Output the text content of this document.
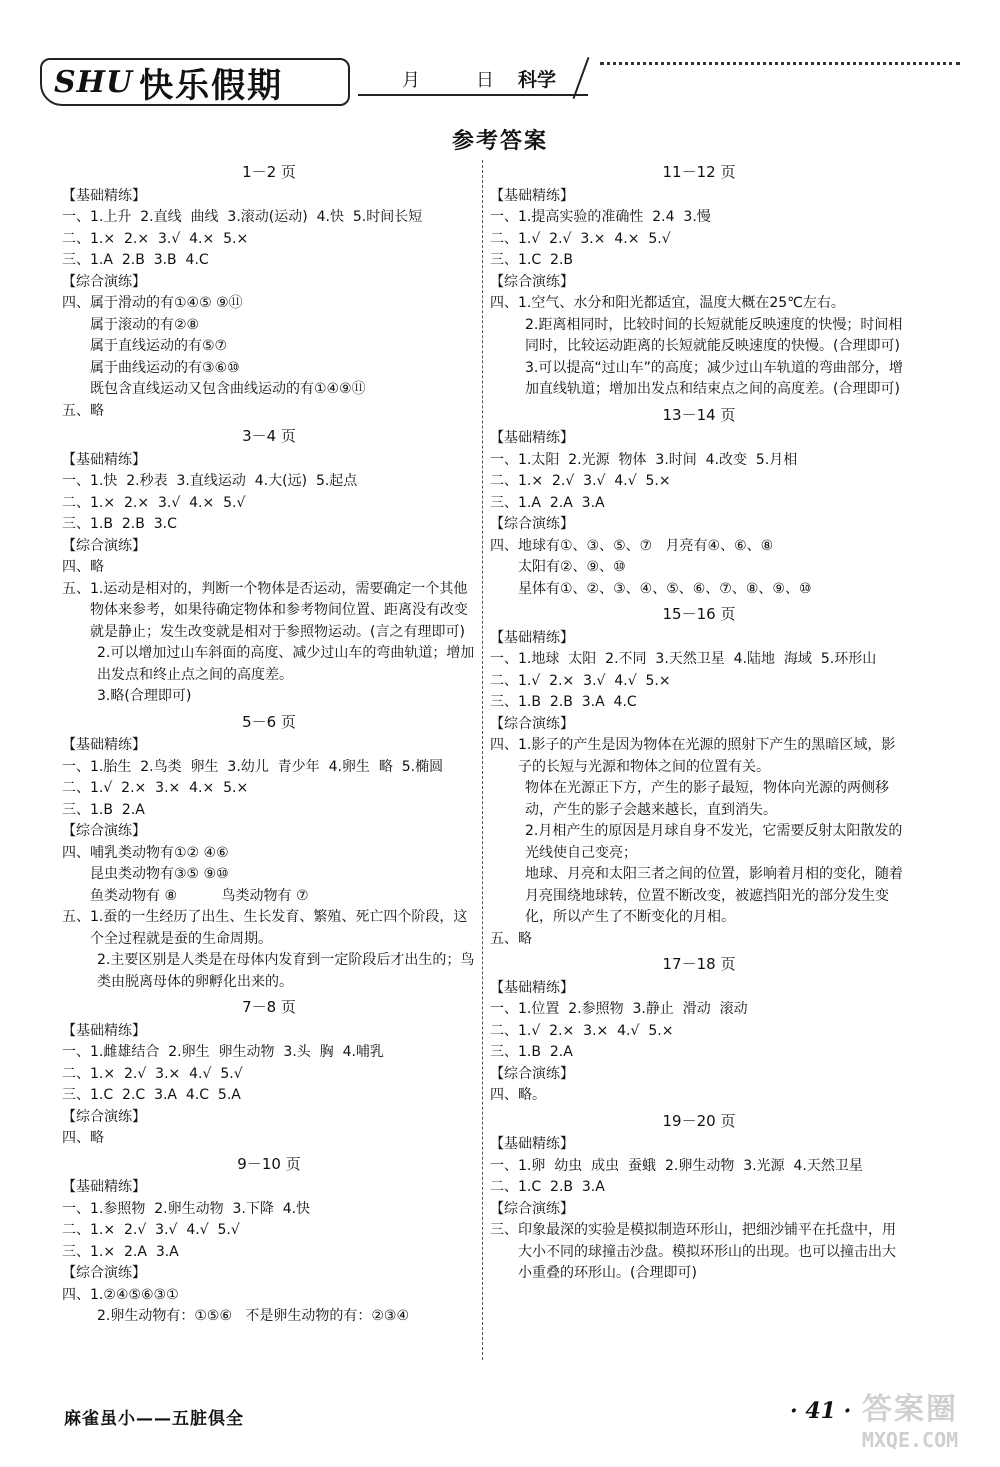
SHU 快乐假期	月	日 科学
参考答案
1－2 页
【基础精练】
一、1.上升  2.直线  曲线  3.滚动(运动)  4.快  5.时间长短
二、1.×  2.×  3.√  4.×  5.×
三、1.A  2.B  3.B  4.C
【综合演练】
四、属于滑动的有①④⑤ ⑨⑪
属于滚动的有②⑧
属于直线运动的有⑤⑦
属于曲线运动的有③⑥⑩
既包含直线运动又包含曲线运动的有①④⑨⑪
五、略
3－4 页
【基础精练】
一、1.快  2.秒表  3.直线运动  4.大(远)  5.起点
二、1.×  2.×  3.√  4.×  5.√
三、1.B  2.B  3.C
【综合演练】
四、略
五、1.运动是相对的，判断一个物体是否运动，需要确定一个其他物体来参考，如果待确定物体和参考物间位置、距离没有改变就是静止；发生改变就是相对于参照物运动。(言之有理即可)
2.可以增加过山车斜面的高度、减少过山车的弯曲轨道；增加出发点和终止点之间的高度差。
3.略(合理即可)
5－6 页
【基础精练】
一、1.胎生  2.鸟类  卵生  3.幼儿  青少年  4.卵生  略  5.椭圆
二、1.√  2.×  3.×  4.×  5.×
三、1.B  2.A
【综合演练】
四、哺乳类动物有①② ④⑥
昆虫类动物有③⑤ ⑨⑩
鱼类动物有 ⑧          鸟类动物有 ⑦
五、1.蚕的一生经历了出生、生长发育、繁殖、死亡四个阶段，这个全过程就是蚕的生命周期。
2.主要区别是人类是在母体内发育到一定阶段后才出生的；鸟类由脱离母体的卵孵化出来的。
7－8 页
【基础精练】
一、1.雌雄结合  2.卵生  卵生动物  3.头  胸  4.哺乳
二、1.×  2.√  3.×  4.√  5.√
三、1.C  2.C  3.A  4.C  5.A
【综合演练】
四、略
9－10 页
【基础精练】
一、1.参照物  2.卵生动物  3.下降  4.快
二、1.×  2.√  3.√  4.√  5.√
三、1.×  2.A  3.A
【综合演练】
四、1.②④⑤⑥③①
2.卵生动物有：①⑤⑥   不是卵生动物的有：②③④
11－12 页
【基础精练】
一、1.提高实验的准确性  2.4  3.慢
二、1.√  2.√  3.×  4.×  5.√
三、1.C  2.B
【综合演练】
四、1.空气、水分和阳光都适宜，温度大概在25℃左右。
2.距离相同时，比较时间的长短就能反映速度的快慢；时间相同时，比较运动距离的长短就能反映速度的快慢。(合理即可)
3.可以提高“过山车”的高度；减少过山车轨道的弯曲部分，增加直线轨道；增加出发点和结束点之间的高度差。(合理即可)
13－14 页
【基础精练】
一、1.太阳  2.光源  物体  3.时间  4.改变  5.月相
二、1.×  2.√  3.√  4.√  5.×
三、1.A  2.A  3.A
【综合演练】
四、地球有①、③、⑤、⑦   月亮有④、⑥、⑧
太阳有②、⑨、⑩
星体有①、②、③、④、⑤、⑥、⑦、⑧、⑨、⑩
15－16 页
【基础精练】
一、1.地球  太阳  2.不同  3.天然卫星  4.陆地  海域  5.环形山
二、1.√  2.×  3.√  4.√  5.×
三、1.B  2.B  3.A  4.C
【综合演练】
四、1.影子的产生是因为物体在光源的照射下产生的黑暗区域，影子的长短与光源和物体之间的位置有关。
物体在光源正下方，产生的影子最短，物体向光源的两侧移动，产生的影子会越来越长，直到消失。
2.月相产生的原因是月球自身不发光，它需要反射太阳散发的光线使自己变亮；
地球、月亮和太阳三者之间的位置，影响着月相的变化，随着月亮围绕地球转，位置不断改变，被遮挡阳光的部分发生变化，所以产生了不断变化的月相。
五、略
17－18 页
【基础精练】
一、1.位置  2.参照物  3.静止  滑动  滚动
二、1.√  2.×  3.×  4.√  5.×
三、1.B  2.A
【综合演练】
四、略。
19－20 页
【基础精练】
一、1.卵  幼虫  成虫  蚕蛾  2.卵生动物  3.光源  4.天然卫星
二、1.C  2.B  3.A
【综合演练】
三、印象最深的实验是模拟制造环形山，把细沙铺平在托盘中，用大小不同的球撞击沙盘。模拟环形山的出现。也可以撞击出大小重叠的环形山。(合理即可)
麻雀虽小——五脏俱全	· 41 · 答案圈
MXQE.COM
